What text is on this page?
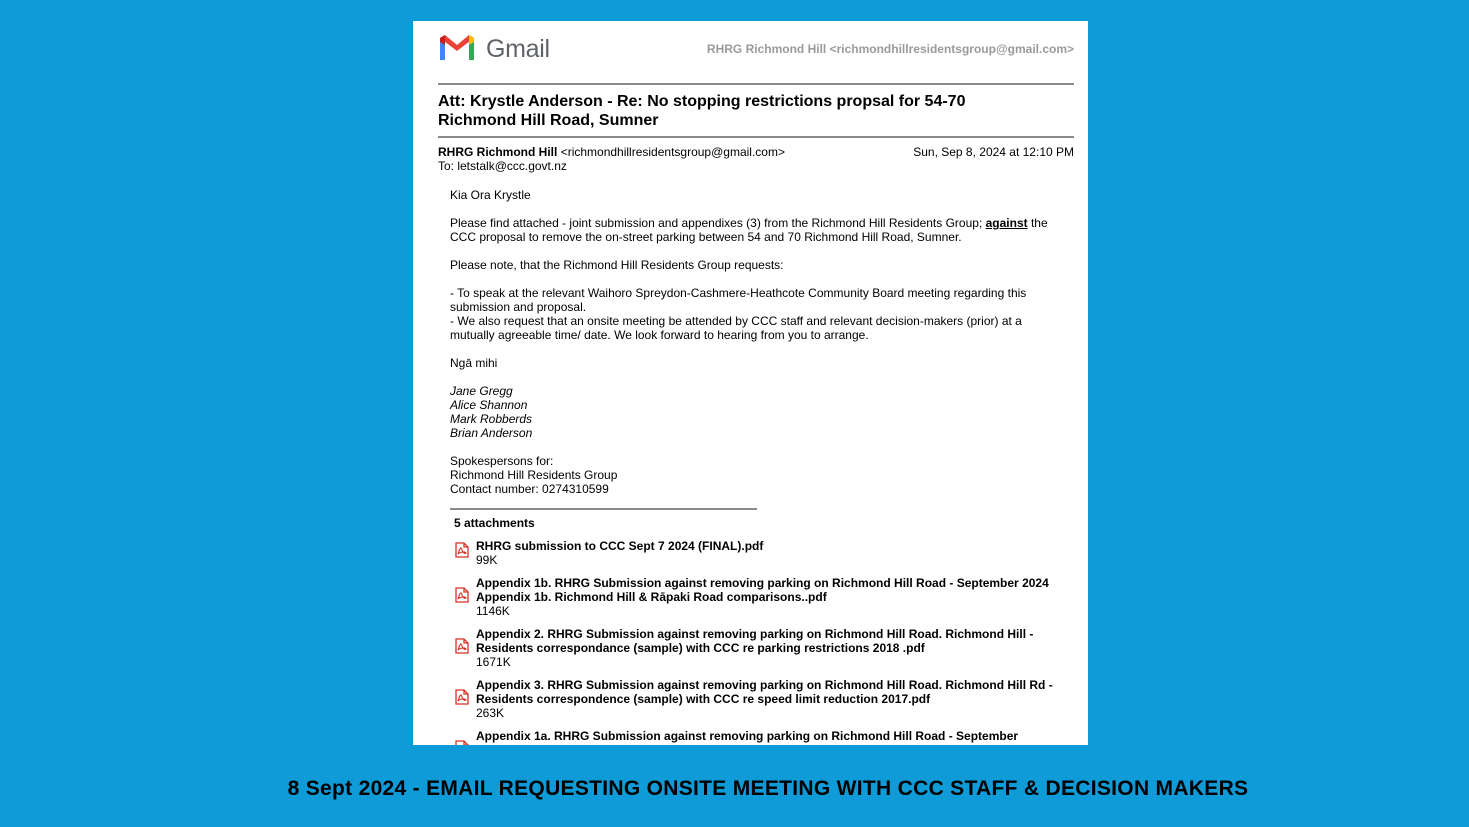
Gmail	RHRG Richmond Hill <richmondhillresidentsgroup@gmail.com>
Att: Krystle Anderson - Re: No stopping restrictions propsal for 54-70 Richmond Hill Road, Sumner
RHRG Richmond Hill <richmondhillresidentsgroup@gmail.com>
To: letstalk@ccc.govt.nz
Sun, Sep 8, 2024 at 12:10 PM

Kia Ora Krystle

Please find attached - joint submission and appendixes (3) from the Richmond Hill Residents Group; against the CCC proposal to remove the on-street parking between 54 and 70 Richmond Hill Road, Sumner.

Please note, that the Richmond Hill Residents Group requests:

- To speak at the relevant Waihoro Spreydon-Cashmere-Heathcote Community Board meeting regarding this submission and proposal.
- We also request that an onsite meeting be attended by CCC staff and relevant decision-makers (prior) at a mutually agreeable time/ date. We look forward to hearing from you to arrange.

Ngā mihi

Jane Gregg
Alice Shannon
Mark Robberds
Brian Anderson

Spokespersons for:
Richmond Hill Residents Group
Contact number: 0274310599

5 attachments
RHRG submission to CCC Sept 7 2024 (FINAL).pdf
99K
Appendix 1b. RHRG Submission against removing parking on Richmond Hill Road - September 2024 Appendix 1b. Richmond Hill & Rāpaki Road comparisons..pdf
1146K
Appendix 2. RHRG Submission against removing parking on Richmond Hill Road. Richmond Hill - Residents correspondance (sample) with CCC re parking restrictions 2018 .pdf
1671K
Appendix 3. RHRG Submission against removing parking on Richmond Hill Road. Richmond Hill Rd - Residents correspondence (sample) with CCC re speed limit reduction 2017.pdf
263K
Appendix 1a. RHRG Submission against removing parking on Richmond Hill Road - September
8 Sept 2024 - EMAIL REQUESTING ONSITE MEETING WITH CCC STAFF & DECISION MAKERS
